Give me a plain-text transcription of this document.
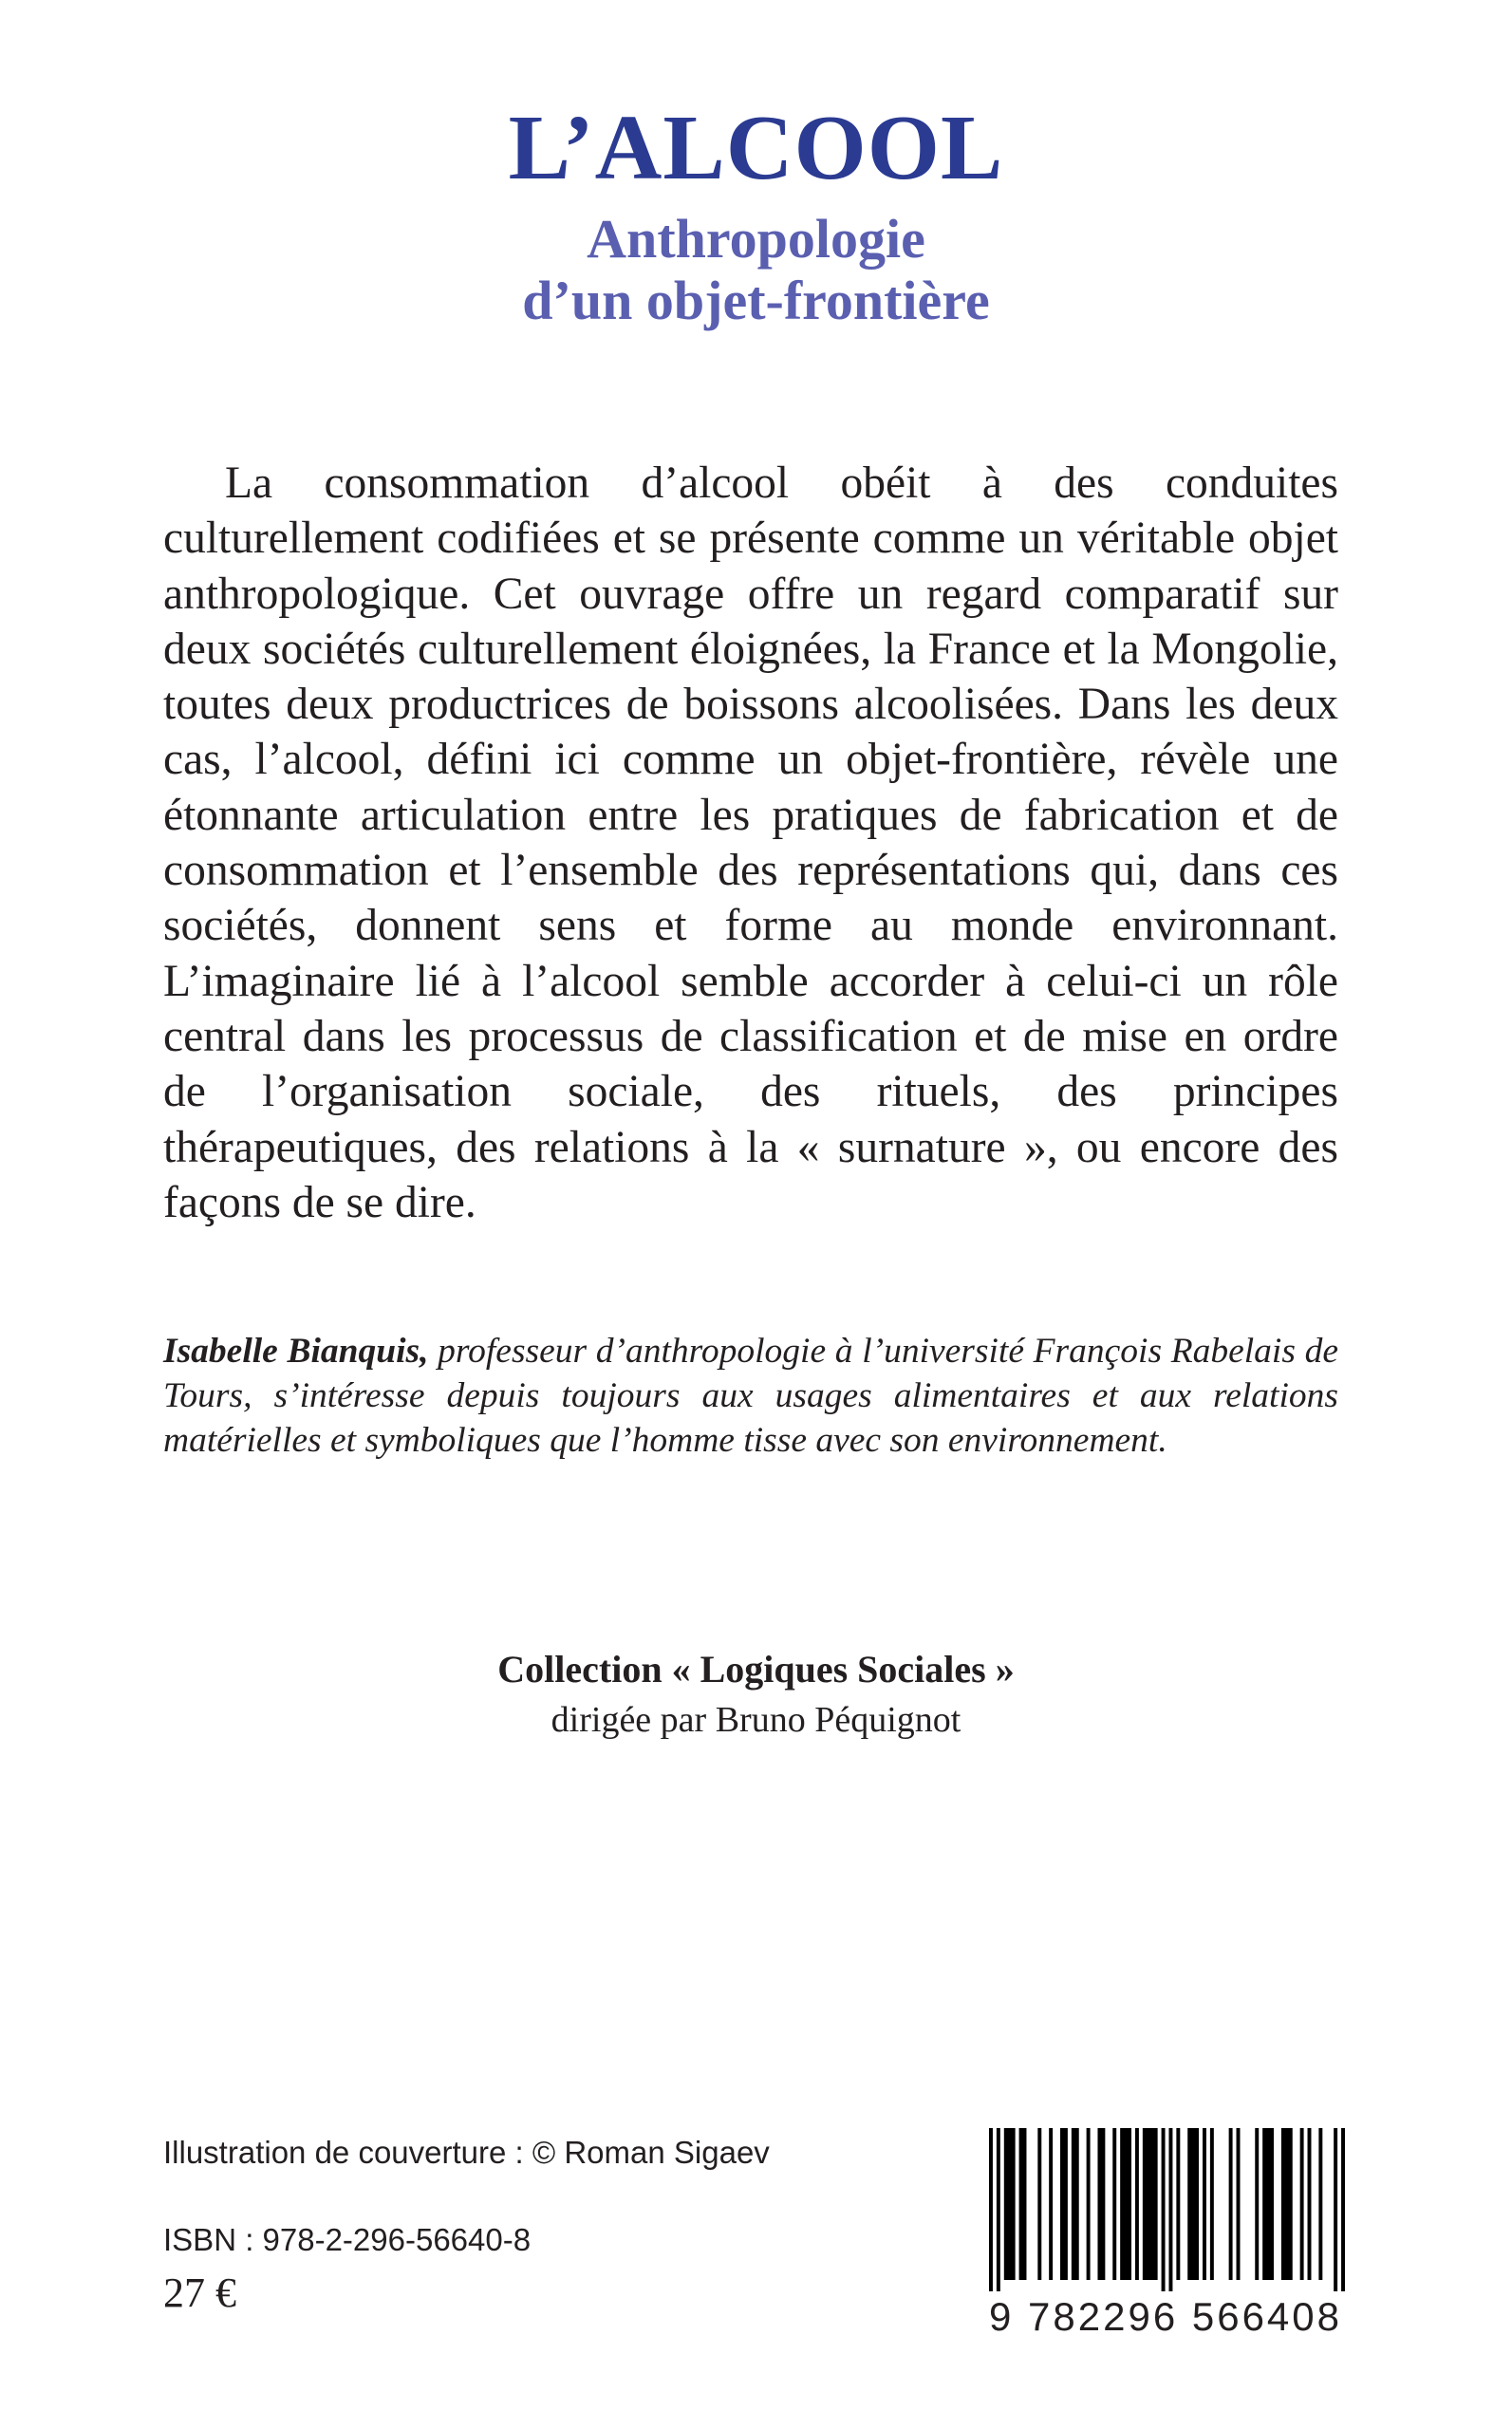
L’ALCOOL
Anthropologie
d’un objet-frontière

La consommation d’alcool obéit à des conduites culturellement codifiées et se présente comme un véritable objet anthropologique. Cet ouvrage offre un regard comparatif sur deux sociétés culturellement éloignées, la France et la Mongolie, toutes deux productrices de boissons alcoolisées. Dans les deux cas, l’alcool, défini ici comme un objet-frontière, révèle une étonnante articulation entre les pratiques de fabrication et de consommation et l’ensemble des représentations qui, dans ces sociétés, donnent sens et forme au monde environnant. L’imaginaire lié à l’alcool semble accorder à celui-ci un rôle central dans les processus de classification et de mise en ordre de l’organisation sociale, des rituels, des principes thérapeutiques, des relations à la « surnature », ou encore des façons de se dire.

Isabelle Bianquis, professeur d’anthropologie à l’université François Rabelais de Tours, s’intéresse depuis toujours aux usages alimentaires et aux relations matérielles et symboliques que l’homme tisse avec son environnement.

Collection « Logiques Sociales »
dirigée par Bruno Péquignot
Illustration de couverture : © Roman Sigaev
ISBN : 978-2-296-56640-8
27 €
9 782296 566408
